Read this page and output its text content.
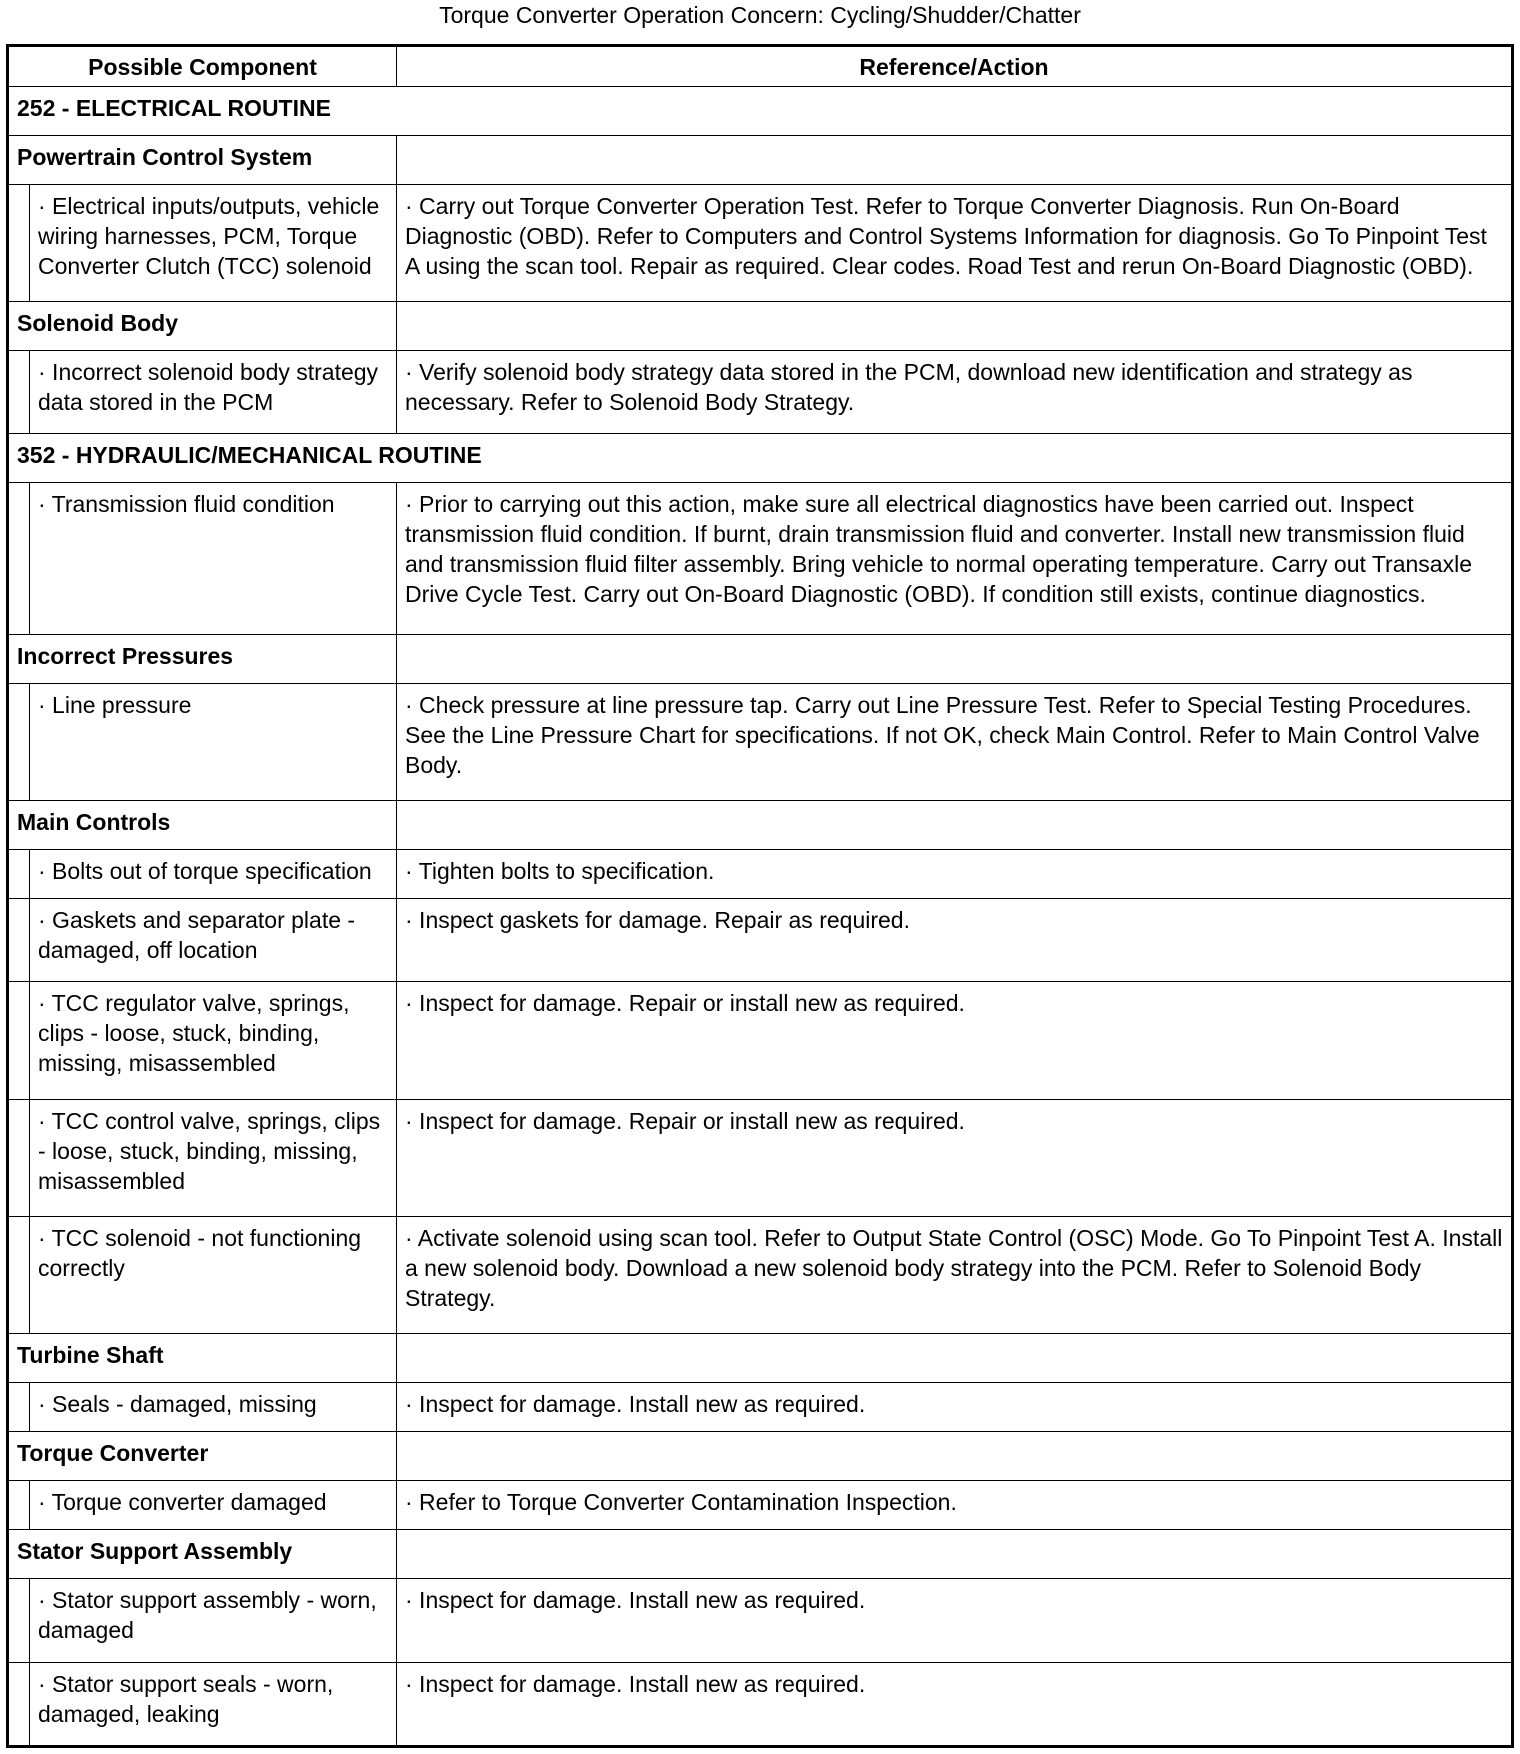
Torque Converter Operation Concern: Cycling/Shudder/Chatter
Possible Component		Reference/Action
252 - ELECTRICAL ROUTINE		
Powertrain Control System		
	· Electrical inputs/outputs, vehicle wiring harnesses, PCM, Torque Converter Clutch (TCC) solenoid	· Carry out Torque Converter Operation Test. Refer to Torque Converter Diagnosis. Run On-Board Diagnostic (OBD). Refer to Computers and Control Systems Information for diagnosis. Go To Pinpoint Test A using the scan tool. Repair as required. Clear codes. Road Test and rerun On-Board Diagnostic (OBD).
Solenoid Body		
	· Incorrect solenoid body strategy data stored in the PCM	· Verify solenoid body strategy data stored in the PCM, download new identification and strategy as necessary. Refer to Solenoid Body Strategy.
352 - HYDRAULIC/MECHANICAL ROUTINE		
	· Transmission fluid condition	· Prior to carrying out this action, make sure all electrical diagnostics have been carried out. Inspect transmission fluid condition. If burnt, drain transmission fluid and converter. Install new transmission fluid and transmission fluid filter assembly. Bring vehicle to normal operating temperature. Carry out Transaxle Drive Cycle Test. Carry out On-Board Diagnostic (OBD). If condition still exists, continue diagnostics.
Incorrect Pressures		
	· Line pressure	· Check pressure at line pressure tap. Carry out Line Pressure Test. Refer to Special Testing Procedures. See the Line Pressure Chart for specifications. If not OK, check Main Control. Refer to Main Control Valve Body.
Main Controls		
	· Bolts out of torque specification	· Tighten bolts to specification.
	· Gaskets and separator plate - damaged, off location	· Inspect gaskets for damage. Repair as required.
	· TCC regulator valve, springs, clips - loose, stuck, binding, missing, misassembled	· Inspect for damage. Repair or install new as required.
	· TCC control valve, springs, clips - loose, stuck, binding, missing, misassembled	· Inspect for damage. Repair or install new as required.
	· TCC solenoid - not functioning correctly	· Activate solenoid using scan tool. Refer to Output State Control (OSC) Mode. Go To Pinpoint Test A. Install a new solenoid body. Download a new solenoid body strategy into the PCM. Refer to Solenoid Body Strategy.
Turbine Shaft		
	· Seals - damaged, missing	· Inspect for damage. Install new as required.
Torque Converter		
	· Torque converter damaged	· Refer to Torque Converter Contamination Inspection.
Stator Support Assembly		
	· Stator support assembly - worn, damaged	· Inspect for damage. Install new as required.
	· Stator support seals - worn, damaged, leaking	· Inspect for damage. Install new as required.
